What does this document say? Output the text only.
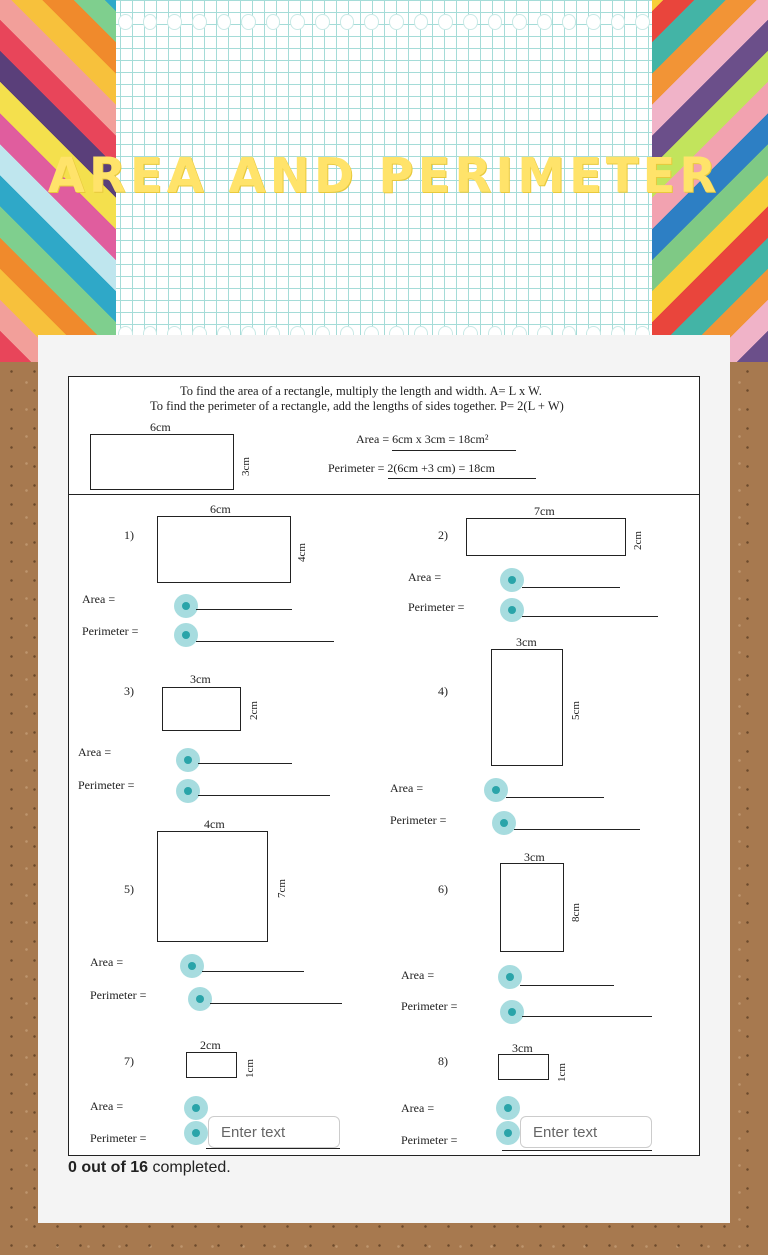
AREA AND PERIMETER
To find the area of a rectangle, multiply the length and width. A= L x W.
To find the perimeter of a rectangle, add the lengths of sides together. P= 2(L + W)
6cm
3cm
Area = 6cm x 3cm = 18cm²
Perimeter = 2(6cm +3 cm) = 18cm
1)
6cm
4cm
Area =
Perimeter =
2)
7cm
2cm
Area =
Perimeter =
3)
3cm
2cm
Area =
Perimeter =
4)
3cm
5cm
Area =
Perimeter =
5)
4cm
7cm
Area =
Perimeter =
6)
3cm
8cm
Area =
Perimeter =
7)
2cm
1cm
Area =
Perimeter =
Enter text
8)
3cm
1cm
Area =
Perimeter =
Enter text

0 out of 16 completed.
